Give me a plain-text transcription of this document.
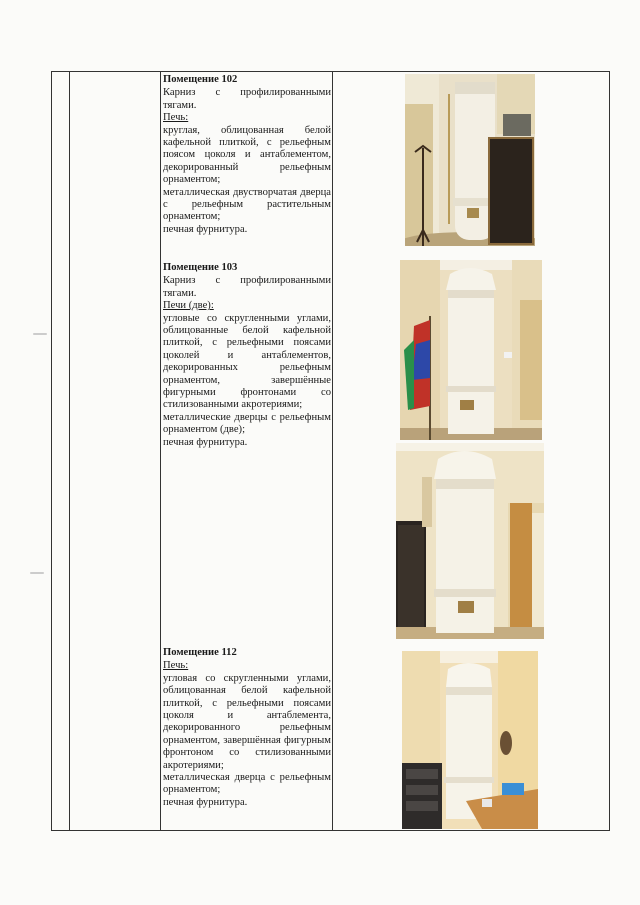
Помещение 102

Карниз с профилированными тягами.

Печь:

круглая, облицованная белой кафельной плиткой, с рельефным поясом цоколя и антаблементом, декорированный рельефным орнаментом;

металлическая двустворчатая дверца с рельефным растительным орнаментом;

печная фурнитура.

Помещение 103

Карниз с профилированными тягами.

Печи (две):

угловые со скругленными углами, облицованные белой кафельной плиткой, с рельефными поясами цоколей и антаблементов, декорированных рельефным орнаментом, завершённые фигурными фронтонами со стилизованными акротериями;

металлические дверцы с рельефным орнаментом (две);

печная фурнитура.

Помещение 112

Печь:

угловая со скругленными углами, облицованная белой кафельной плиткой, с рельефными поясами цоколя и антаблемента, декорированного рельефным орнаментом, завершённая фигурным фронтоном со стилизованными акротериями;

металлическая дверца с рельефным орнаментом;

печная фурнитура.
